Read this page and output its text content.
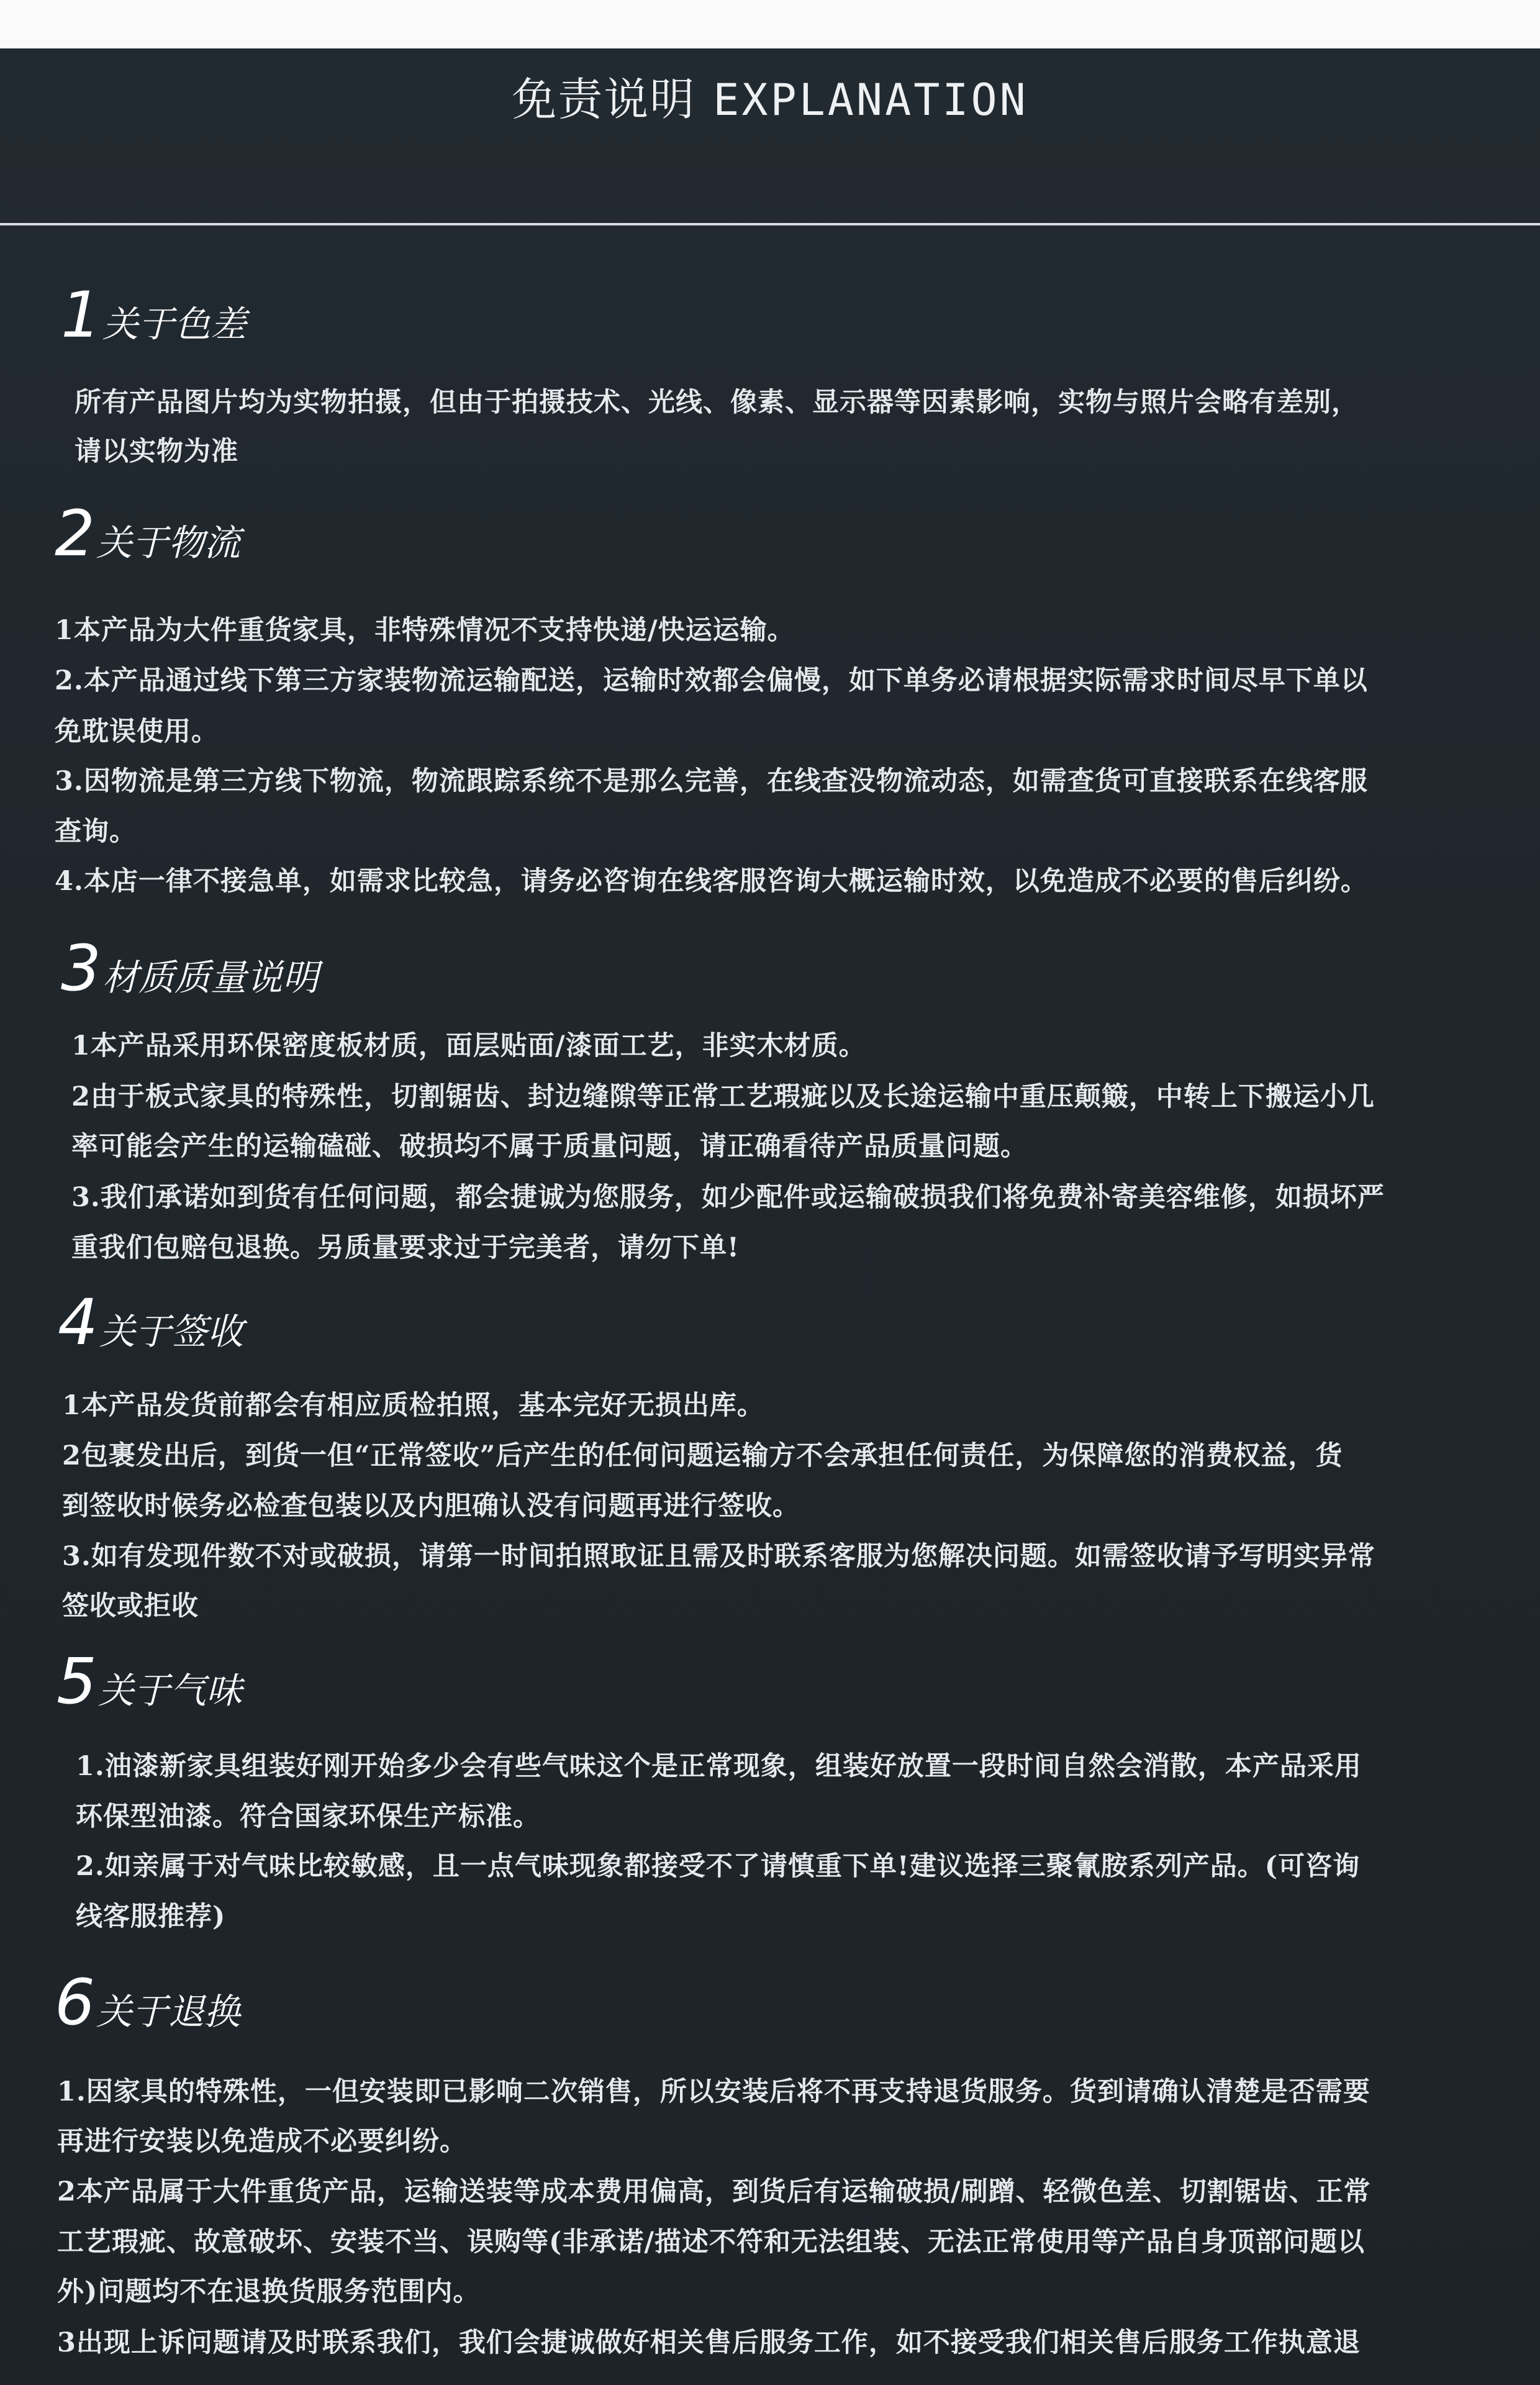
免责说明 EXPLANATION
1 关于色差
所有产品图片均为实物拍摄，但由于拍摄技术、光线、像素、显示器等因素影响，实物与照片会略有差别，
请以实物为准
2 关于物流
1本产品为大件重货家具，非特殊情况不支持快递/快运运输。
2.本产品通过线下第三方家装物流运输配送，运输时效都会偏慢，如下单务必请根据实际需求时间尽早下单以
免耽误使用。
3.因物流是第三方线下物流，物流跟踪系统不是那么完善，在线查没物流动态，如需查货可直接联系在线客服
查询。
4.本店一律不接急单，如需求比较急，请务必咨询在线客服咨询大概运输时效，以免造成不必要的售后纠纷。
3 材质质量说明
1本产品采用环保密度板材质，面层贴面/漆面工艺，非实木材质。
2由于板式家具的特殊性，切割锯齿、封边缝隙等正常工艺瑕疵以及长途运输中重压颠簸，中转上下搬运小几
率可能会产生的运输磕碰、破损均不属于质量问题，请正确看待产品质量问题。
3.我们承诺如到货有任何问题，都会捷诚为您服务，如少配件或运输破损我们将免费补寄美容维修，如损坏严
重我们包赔包退换。另质量要求过于完美者，请勿下单!
4 关于签收
1本产品发货前都会有相应质检拍照，基本完好无损出库。
2包裹发出后，到货一但“正常签收”后产生的任何问题运输方不会承担任何责任，为保障您的消费权益，货
到签收时候务必检查包装以及内胆确认没有问题再进行签收。
3.如有发现件数不对或破损，请第一时间拍照取证且需及时联系客服为您解决问题。如需签收请予写明实异常
签收或拒收
5 关于气味
1.油漆新家具组装好刚开始多少会有些气味这个是正常现象，组装好放置一段时间自然会消散，本产品采用
环保型油漆。符合国家环保生产标准。
2.如亲属于对气味比较敏感，且一点气味现象都接受不了请慎重下单!建议选择三聚氰胺系列产品。(可咨询
线客服推荐)
6 关于退换
1.因家具的特殊性，一但安装即已影响二次销售，所以安装后将不再支持退货服务。货到请确认清楚是否需要
再进行安装以免造成不必要纠纷。
2本产品属于大件重货产品，运输送装等成本费用偏高，到货后有运输破损/刷蹭、轻微色差、切割锯齿、正常
工艺瑕疵、故意破坏、安装不当、误购等(非承诺/描述不符和无法组装、无法正常使用等产品自身顶部问题以
外)问题均不在退换货服务范围内。
3出现上诉问题请及时联系我们，我们会捷诚做好相关售后服务工作，如不接受我们相关售后服务工作执意退
